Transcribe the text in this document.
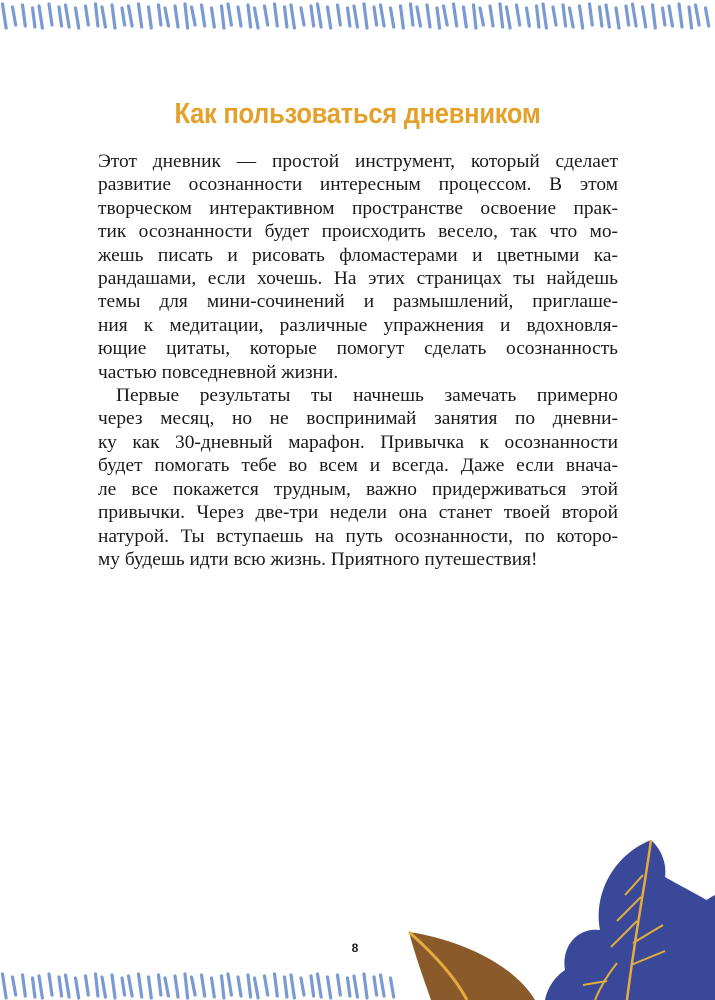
Как пользоваться дневником
Этот дневник — простой инструмент, который сделает
развитие осознанности интересным процессом. В этом
творческом интерактивном пространстве освоение прак-
тик осознанности будет происходить весело, так что мо-
жешь писать и рисовать фломастерами и цветными ка-
рандашами, если хочешь. На этих страницах ты найдешь
темы для мини-сочинений и размышлений, приглаше-
ния к медитации, различные упражнения и вдохновля-
ющие цитаты, которые помогут сделать осознанность
частью повседневной жизни.
Первые результаты ты начнешь замечать примерно
через месяц, но не воспринимай занятия по дневни-
ку как 30-дневный марафон. Привычка к осознанности
будет помогать тебе во всем и всегда. Даже если внача-
ле все покажется трудным, важно придерживаться этой
привычки. Через две-три недели она станет твоей второй
натурой. Ты вступаешь на путь осознанности, по которо-
му будешь идти всю жизнь. Приятного путешествия!
8
